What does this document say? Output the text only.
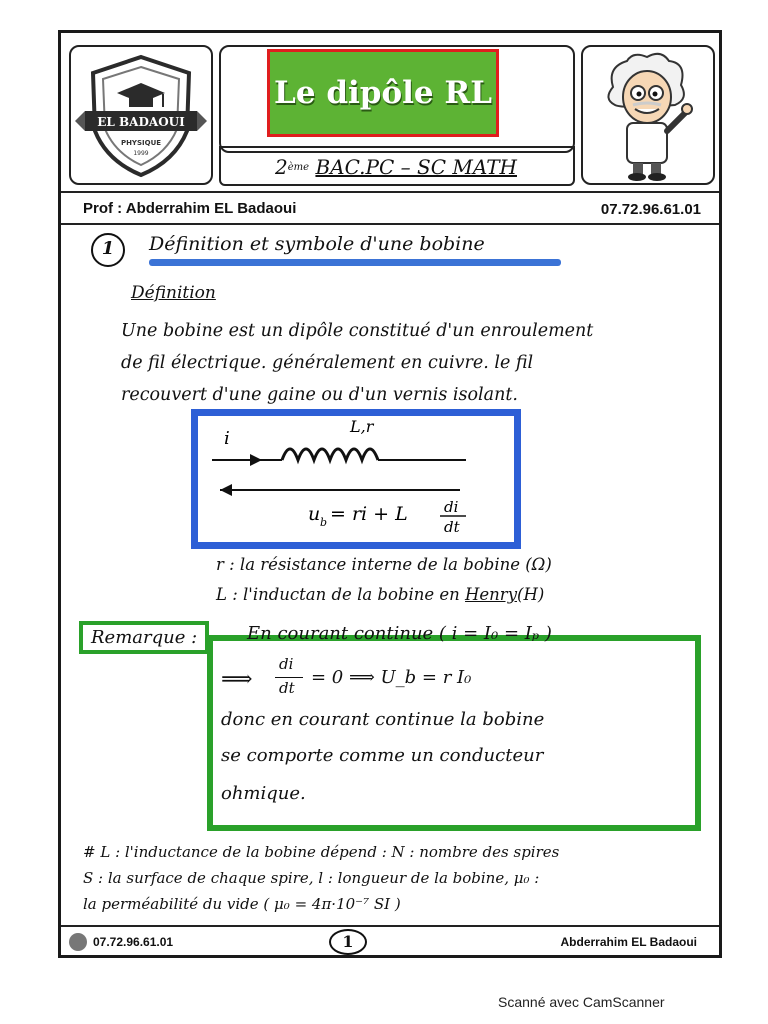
EL BADAOUI
PHYSIQUE
1999
Le dipôle RL
2 ème
BAC.PC – SC MATH
Prof : Abderrahim EL Badaoui	07.72.96.61.01
1	Définition et symbole d'une bobine
Définition
Une bobine est un dipôle constitué d'un enroulement
de fil électrique. généralement en cuivre. le fil
recouvert d'une gaine ou d'un vernis isolant.
L,r
i
u b = ri + L di
dt
r : la résistance interne de la bobine (Ω)
L : l'inductan de la bobine en Henry(H)
Remarque :	En courant continue ( i = I₀ = Iₚ )
⟹
di
dt = 0 ⟹ U_b = r I₀
donc en courant continue la bobine
se comporte comme un conducteur
ohmique.
# L : l'inductance de la bobine dépend : N : nombre des spires
S : la surface de chaque spire, l : longueur de la bobine, μ₀ :
la perméabilité du vide ( μ₀ = 4π·10⁻⁷ SI )
07.72.96.61.01	1	Abderrahim EL Badaoui
Scanné avec CamScanner
